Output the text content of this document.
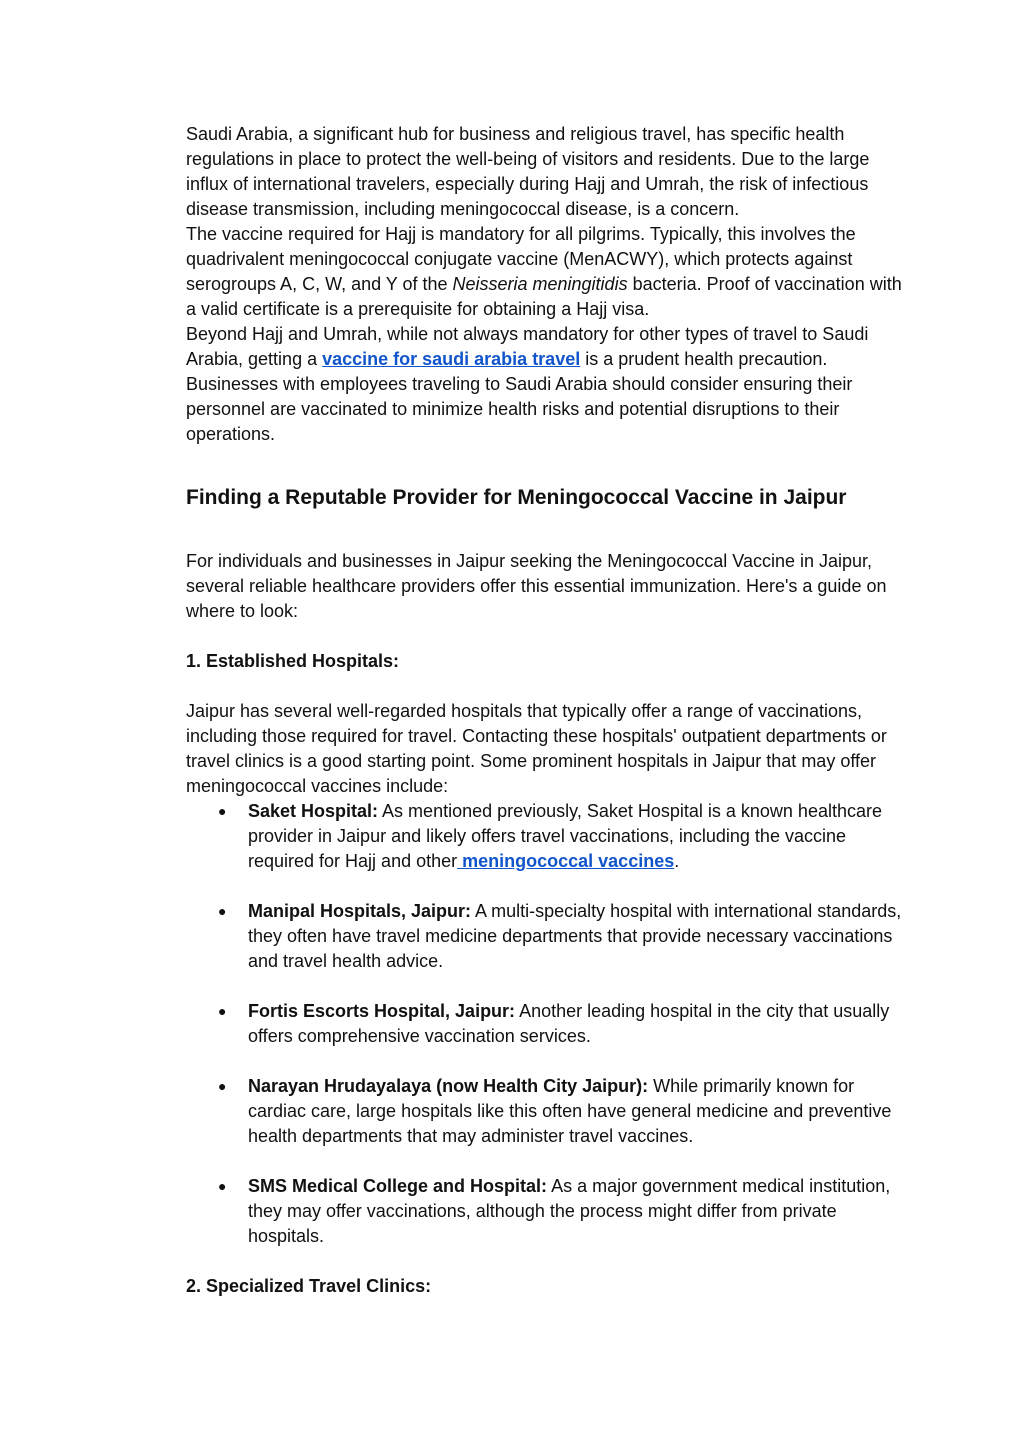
Saudi Arabia, a significant hub for business and religious travel, has specific health regulations in place to protect the well-being of visitors and residents. Due to the large influx of international travelers, especially during Hajj and Umrah, the risk of infectious disease transmission, including meningococcal disease, is a concern.

The vaccine required for Hajj is mandatory for all pilgrims. Typically, this involves the quadrivalent meningococcal conjugate vaccine (MenACWY), which protects against serogroups A, C, W, and Y of the Neisseria meningitidis bacteria. Proof of vaccination with a valid certificate is a prerequisite for obtaining a Hajj visa.

Beyond Hajj and Umrah, while not always mandatory for other types of travel to Saudi Arabia, getting a vaccine for saudi arabia travel is a prudent health precaution. Businesses with employees traveling to Saudi Arabia should consider ensuring their personnel are vaccinated to minimize health risks and potential disruptions to their operations.

Finding a Reputable Provider for Meningococcal Vaccine in Jaipur

For individuals and businesses in Jaipur seeking the Meningococcal Vaccine in Jaipur, several reliable healthcare providers offer this essential immunization. Here's a guide on where to look:

1. Established Hospitals:

Jaipur has several well-regarded hospitals that typically offer a range of vaccinations, including those required for travel. Contacting these hospitals' outpatient departments or travel clinics is a good starting point. Some prominent hospitals in Jaipur that may offer meningococcal vaccines include:

● Saket Hospital: As mentioned previously, Saket Hospital is a known healthcare provider in Jaipur and likely offers travel vaccinations, including the vaccine required for Hajj and other meningococcal vaccines.
● Manipal Hospitals, Jaipur: A multi-specialty hospital with international standards, they often have travel medicine departments that provide necessary vaccinations and travel health advice.
● Fortis Escorts Hospital, Jaipur: Another leading hospital in the city that usually offers comprehensive vaccination services.
● Narayan Hrudayalaya (now Health City Jaipur): While primarily known for cardiac care, large hospitals like this often have general medicine and preventive health departments that may administer travel vaccines.
● SMS Medical College and Hospital: As a major government medical institution, they may offer vaccinations, although the process might differ from private hospitals.
2. Specialized Travel Clinics:
